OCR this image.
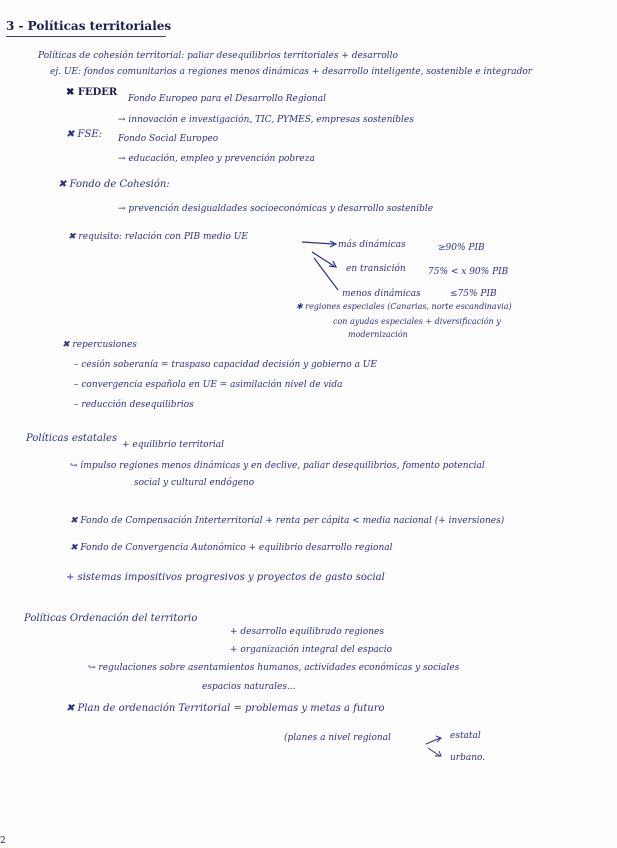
3 - Políticas territoriales
Políticas de cohesión territorial: paliar desequilibrios territoriales + desarrollo
ej. UE: fondos comunitarios a regiones menos dinámicas + desarrollo inteligente, sostenible e integrador
✖ FEDER
Fondo Europeo para el Desarrollo Regional
→ innovación e investigación, TIC, PYMES, empresas sostenibles
✖ FSE: Fondo Social Europeo
→ educación, empleo y prevención pobreza
✖ Fondo de Cohesión:
→ prevención desigualdades socioeconómicas y desarrollo sostenible
✖ requisito: relación con PIB medio UE
más dinámicas	≥90% PIB
en transición 75% < x 90% PIB
menos dinámicas	≤75% PIB
✱ regiones especiales (Canarias, norte escandinavia)
con ayudas especiales + diversificación y
modernización
✖ repercusiones
– cesión soberanía = traspaso capacidad decisión y gobierno a UE
– convergencia española en UE = asimilación nivel de vida
– reducción desequilibrios
Políticas estatales
+ equilibrio territorial
↪ impulso regiones menos dinámicas y en declive, paliar desequilibrios, fomento potencial
social y cultural endógeno
✖ Fondo de Compensación Interterritorial + renta per cápita < media nacional (+ inversiones)
✖ Fondo de Convergencia Autonómico + equilibrio desarrollo regional
+ sistemas impositivos progresivos y proyectos de gasto social
Políticas Ordenación del territorio
+ desarrollo equilibrado regiones
+ organización integral del espacio
↪ regulaciones sobre asentamientos humanos, actividades económicas y sociales
espacios naturales...
✖ Plan de ordenación Territorial = problemas y metas a futuro
(planes a nivel regional	estatal
urbano.
2
